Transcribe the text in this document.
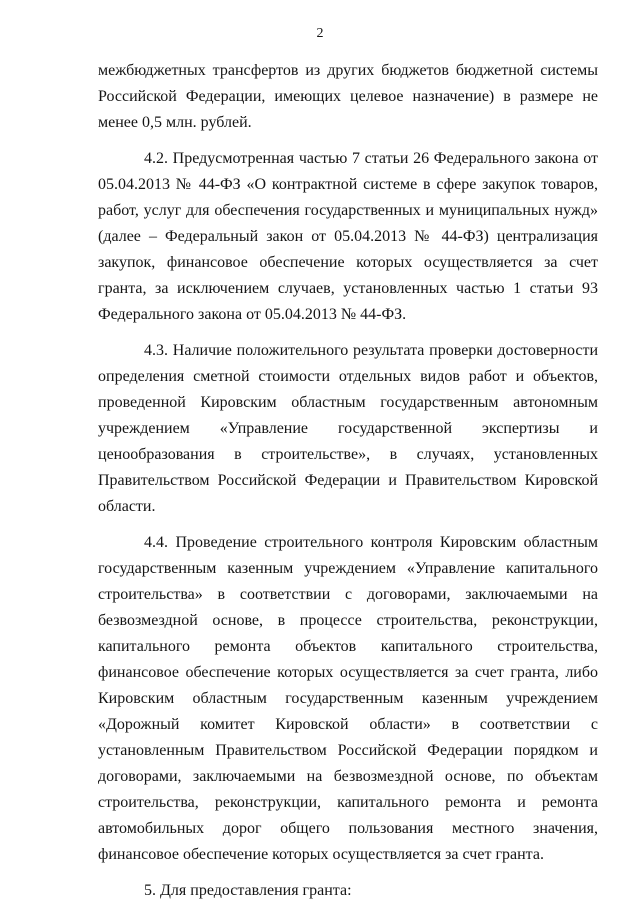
2

межбюджетных трансфертов из других бюджетов бюджетной системы Российской Федерации, имеющих целевое назначение) в размере не менее 0,5 млн. рублей.

4.2. Предусмотренная частью 7 статьи 26 Федерального закона от 05.04.2013 № 44-ФЗ «О контрактной системе в сфере закупок товаров, работ, услуг для обеспечения государственных и муниципальных нужд» (далее – Федеральный закон от 05.04.2013 № 44-ФЗ) централизация закупок, финансовое обеспечение которых осуществляется за счет гранта, за исключением случаев, установленных частью 1 статьи 93 Федерального закона от 05.04.2013 № 44-ФЗ.

4.3. Наличие положительного результата проверки достоверности определения сметной стоимости отдельных видов работ и объектов, проведенной Кировским областным государственным автономным учреждением «Управление государственной экспертизы и ценообразования в строительстве», в случаях, установленных Правительством Российской Федерации и Правительством Кировской области.

4.4. Проведение строительного контроля Кировским областным государственным казенным учреждением «Управление капитального строительства» в соответствии с договорами, заключаемыми на безвозмездной основе, в процессе строительства, реконструкции, капитального ремонта объектов капитального строительства, финансовое обеспечение которых осуществляется за счет гранта, либо Кировским областным государственным казенным учреждением «Дорожный комитет Кировской области» в соответствии с установленным Правительством Российской Федерации порядком и договорами, заключаемыми на безвозмездной основе, по объектам строительства, реконструкции, капитального ремонта и ремонта автомобильных дорог общего пользования местного значения, финансовое обеспечение которых осуществляется за счет гранта.

5. Для предоставления гранта:
